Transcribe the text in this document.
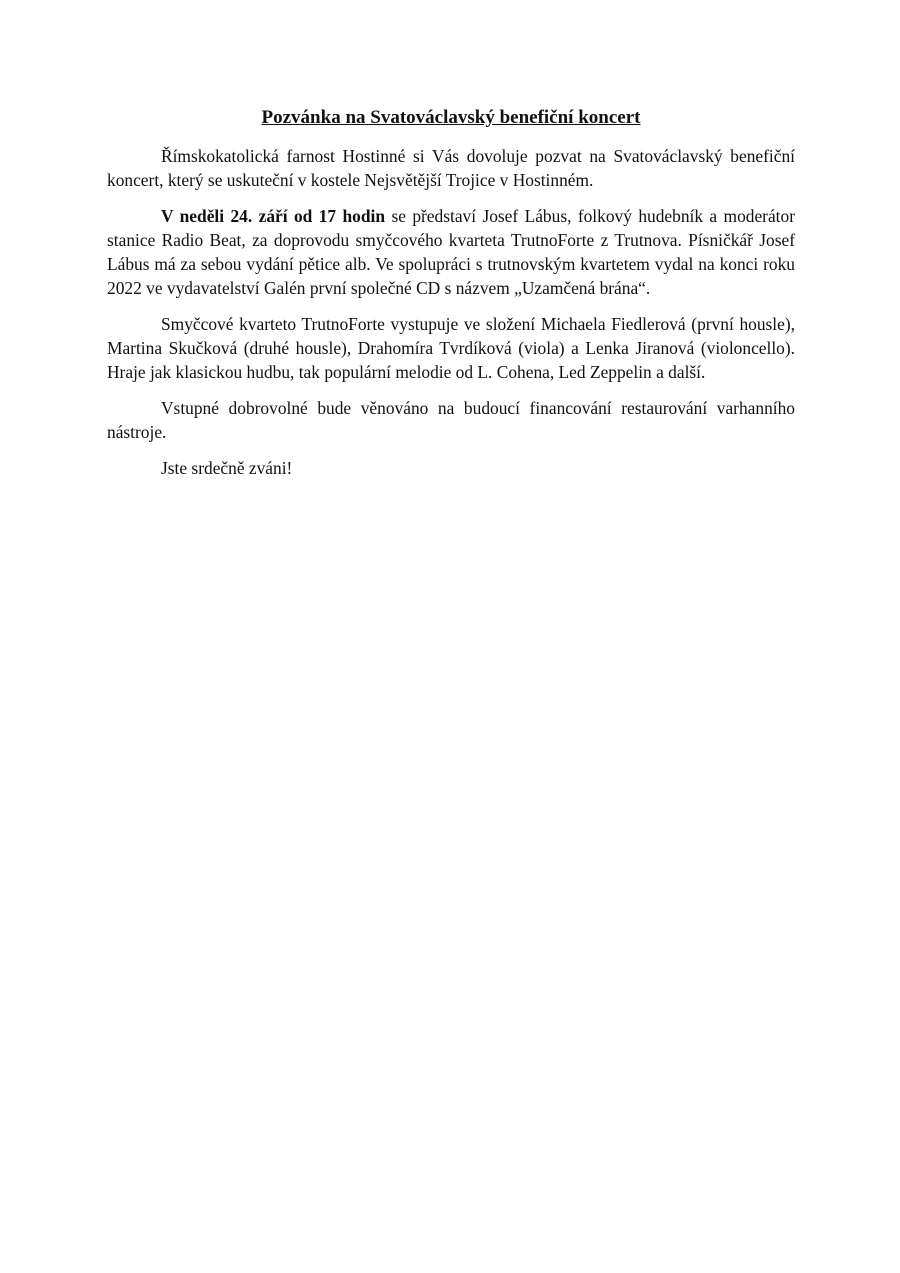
Pozvánka na Svatováclavský benefiční koncert

Římskokatolická farnost Hostinné si Vás dovoluje pozvat na Svatováclavský benefiční koncert, který se uskuteční v kostele Nejsvětější Trojice v Hostinném.

V neděli 24. září od 17 hodin se představí Josef Lábus, folkový hudebník a moderátor stanice Radio Beat, za doprovodu smyčcového kvarteta TrutnoForte z Trutnova. Písničkář Josef Lábus má za sebou vydání pětice alb. Ve spolupráci s trutnovským kvartetem vydal na konci roku 2022 ve vydavatelství Galén první společné CD s názvem „Uzamčená brána“.

Smyčcové kvarteto TrutnoForte vystupuje ve složení Michaela Fiedlerová (první housle), Martina Skučková (druhé housle), Drahomíra Tvrdíková (viola) a Lenka Jiranová (violoncello). Hraje jak klasickou hudbu, tak populární melodie od L. Cohena, Led Zeppelin a další.

Vstupné dobrovolné bude věnováno na budoucí financování restaurování varhanního nástroje.

Jste srdečně zváni!
